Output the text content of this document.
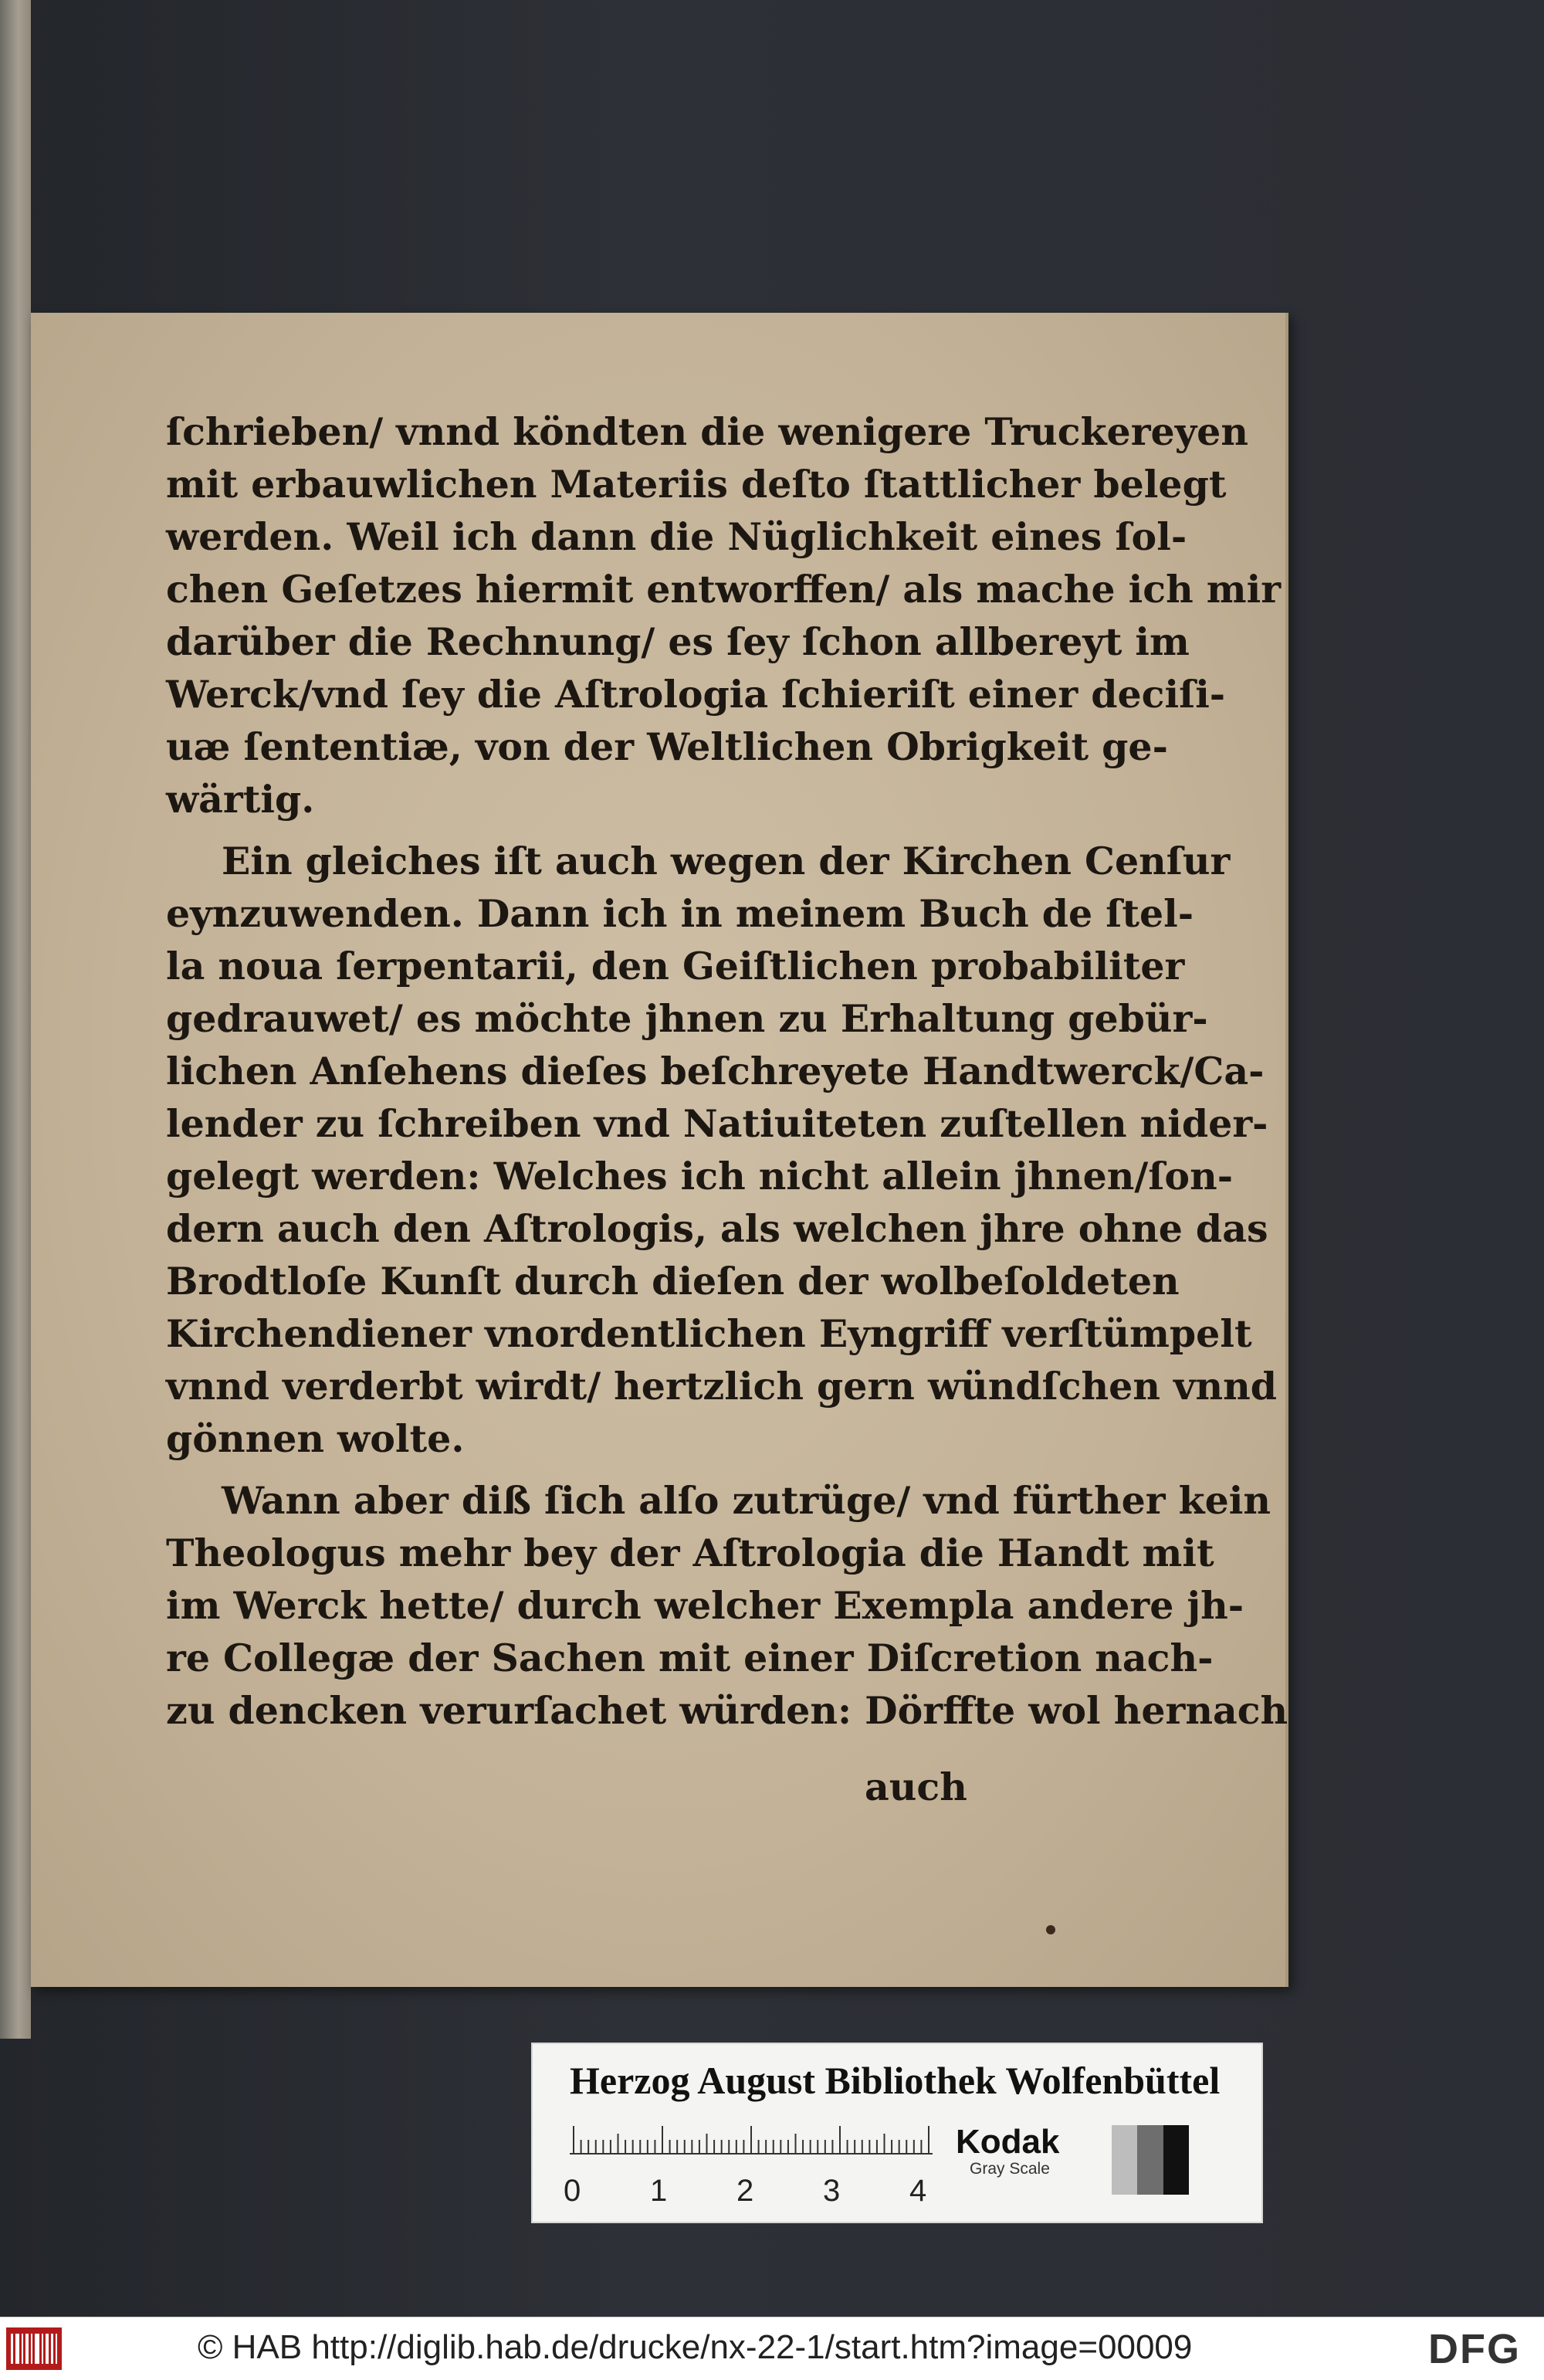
ſchrieben/ vnnd köndten die wenigere Truckereyen
mit erbauwlichen Materiis deſto ſtattlicher belegt
werden. Weil ich dann die Nüglichkeit eines ſol-
chen Geſetzes hiermit entworffen/ als mache ich mir
darüber die Rechnung/ es ſey ſchon allbereyt im
Werck/vnd ſey die Aſtrologia ſchieriſt einer deciſi-
uæ ſententiæ, von der Weltlichen Obrigkeit ge-
wärtig.
Ein gleiches iſt auch wegen der Kirchen Cenſur
eynzuwenden. Dann ich in meinem Buch de ſtel-
la noua ſerpentarii, den Geiſtlichen probabiliter
gedrauwet/ es möchte jhnen zu Erhaltung gebür-
lichen Anſehens dieſes beſchreyete Handtwerck/Ca-
lender zu ſchreiben vnd Natiuiteten zuſtellen nider-
gelegt werden: Welches ich nicht allein jhnen/ſon-
dern auch den Aſtrologis, als welchen jhre ohne das
Brodtloſe Kunſt durch dieſen der wolbeſoldeten
Kirchendiener vnordentlichen Eyngriff verſtümpelt
vnnd verderbt wirdt/ hertzlich gern wündſchen vnnd
gönnen wolte.
Wann aber diß ſich alſo zutrüge/ vnd fürther kein
Theologus mehr bey der Aſtrologia die Handt mit
im Werck hette/ durch welcher Exempla andere jh-
re Collegæ der Sachen mit einer Diſcretion nach-
zu dencken verurſachet würden: Dörffte wol hernach
auch
Herzog August Bibliothek Wolfenbüttel
0 1 2 3 4
Kodak
Gray Scale
© HAB http://diglib.hab.de/drucke/nx-22-1/start.htm?image=00009	DFG
